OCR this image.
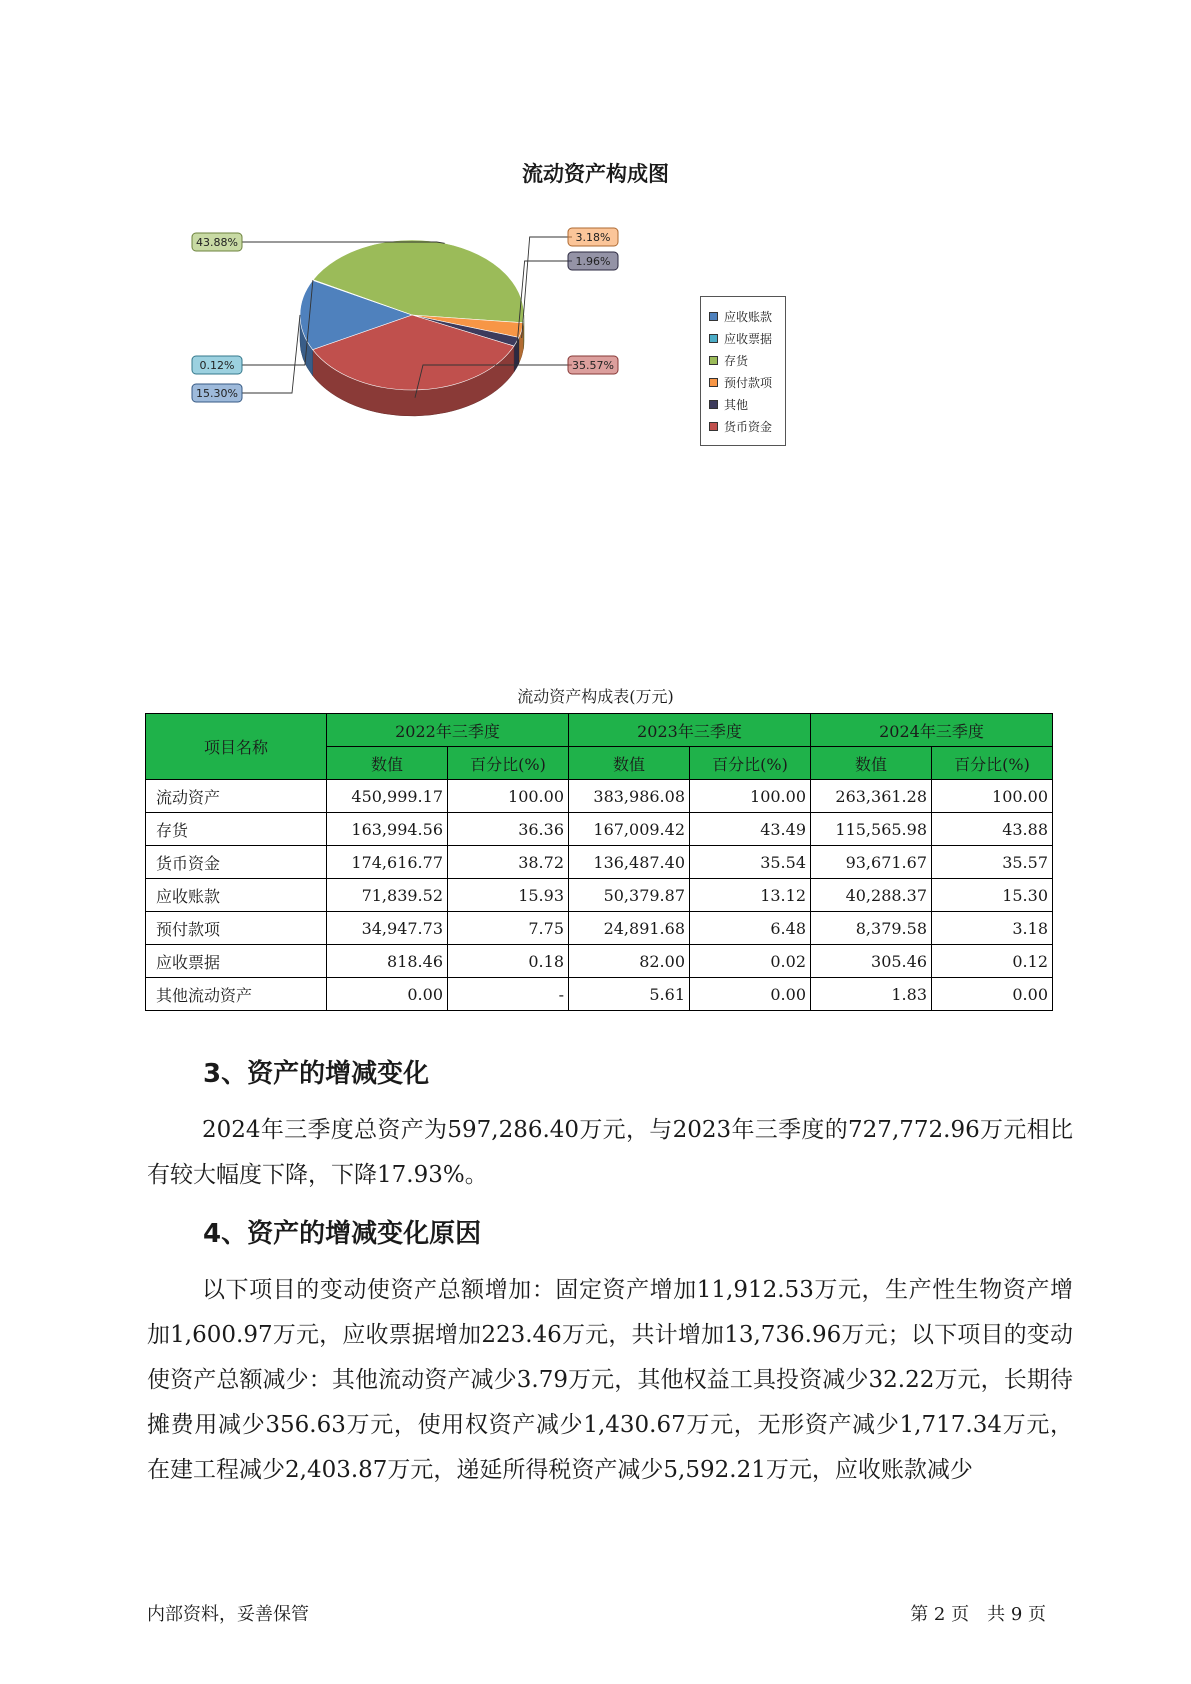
流动资产构成图
43.88%	3.18%
1.96%
35.57%
15.30%
0.12%
应收账款
应收票据
存货
预付款项
其他
货币资金
流动资产构成表(万元)
项目名称	2022年三季度		2023年三季度		2024年三季度	
	数值	百分比(%)	数值	百分比(%)	数值	百分比(%)
流动资产	450,999.17	100.00	383,986.08	100.00	263,361.28	100.00
存货	163,994.56	36.36	167,009.42	43.49	115,565.98	43.88
货币资金	174,616.77	38.72	136,487.40	35.54	93,671.67	35.57
应收账款	71,839.52	15.93	50,379.87	13.12	40,288.37	15.30
预付款项	34,947.73	7.75	24,891.68	6.48	8,379.58	3.18
应收票据	818.46	0.18	82.00	0.02	305.46	0.12
其他流动资产	0.00	-	5.61	0.00	1.83	0.00
3、资产的增减变化

2024年三季度总资产为597,286.40万元，与2023年三季度的727,772.96万元相比有较大幅度下降，下降17.93%。

4、资产的增减变化原因

以下项目的变动使资产总额增加：固定资产增加11,912.53万元，生产性生物资产增加1,600.97万元，应收票据增加223.46万元，共计增加13,736.96万元；以下项目的变动使资产总额减少：其他流动资产减少3.79万元，其他权益工具投资减少32.22万元，长期待摊费用减少356.63万元，使用权资产减少1,430.67万元，无形资产减少1,717.34万元，在建工程减少2,403.87万元，递延所得税资产减少5,592.21万元，应收账款减少

内部资料，妥善保管	第 2 页　共 9 页
